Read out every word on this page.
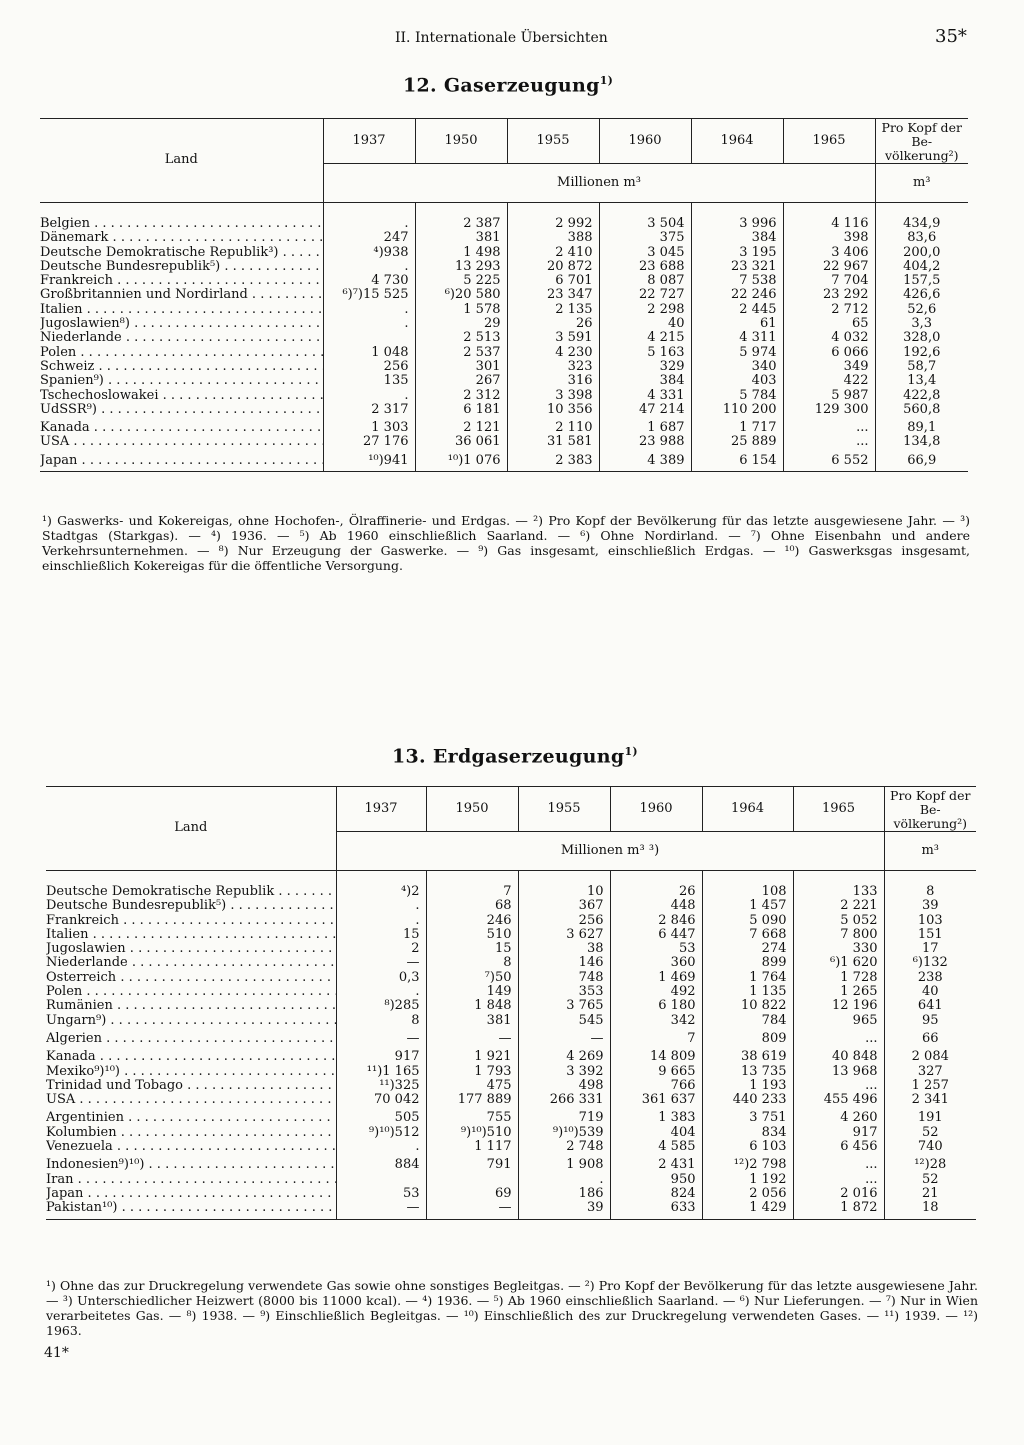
II. Internationale Übersichten	35*
12. Gaserzeugung$^{1)}$
Land	1937	1950	1955	1960	1964	1965	Pro Kopf der Be- völkerung²)
	Millionen m³						m³

Belgien . . .	.	2 387	2 992	3 504	3 996	4 116	434,9
Dänemark . . .	247	381	388	375	384	398	83,6
Deutsche Demokratische Republik³) . . .	⁴)938	1 498	2 410	3 045	3 195	3 406	200,0
Deutsche Bundesrepublik⁵) . . .	.	13 293	20 872	23 688	23 321	22 967	404,2
Frankreich . . .	4 730	5 225	6 701	8 087	7 538	7 704	157,5
Großbritannien und Nordirland . . .	⁶)⁷)15 525	⁶)20 580	23 347	22 727	22 246	23 292	426,6
Italien . . .	.	1 578	2 135	2 298	2 445	2 712	52,6
Jugoslawien⁸) . . .	.	29	26	40	61	65	3,3
Niederlande . . .		2 513	3 591	4 215	4 311	4 032	328,0
Polen . . .	1 048	2 537	4 230	5 163	5 974	6 066	192,6
Schweiz . . .	256	301	323	329	340	349	58,7
Spanien⁹) . . .	135	267	316	384	403	422	13,4
Tschechoslowakei . . .	.	2 312	3 398	4 331	5 784	5 987	422,8
UdSSR⁹) . . .	2 317	6 181	10 356	47 214	110 200	129 300	560,8

Kanada . . .	1 303	2 121	2 110	1 687	1 717	...	89,1
USA . . .	27 176	36 061	31 581	23 988	25 889	...	134,8

Japan . . .	¹⁰)941	¹⁰)1 076	2 383	4 389	6 154	6 552	66,9

¹) Gaswerks- und Kokereigas, ohne Hochofen-, Ölraffinerie- und Erdgas. — ²) Pro Kopf der Bevölkerung für das letzte ausgewiesene Jahr. — ³) Stadtgas (Starkgas). — ⁴) 1936. — ⁵) Ab 1960 einschließlich Saarland. — ⁶) Ohne Nordirland. — ⁷) Ohne Eisenbahn und andere Verkehrsunternehmen. — ⁸) Nur Erzeugung der Gaswerke. — ⁹) Gas insgesamt, einschließlich Erdgas. — ¹⁰) Gaswerksgas insgesamt, einschließlich Kokereigas für die öffentliche Versorgung.
13. Erdgaserzeugung$^{1)}$
Land	1937	1950	1955	1960	1964	1965	Pro Kopf der Be- völkerung²)
	Millionen m³ ³)						m³

Deutsche Demokratische Republik . . .	⁴)2	7	10	26	108	133	8
Deutsche Bundesrepublik⁵) . . .	.	68	367	448	1 457	2 221	39
Frankreich . . .	.	246	256	2 846	5 090	5 052	103
Italien . . .	15	510	3 627	6 447	7 668	7 800	151
Jugoslawien . . .	2	15	38	53	274	330	17
Niederlande . . .	—	8	146	360	899	⁶)1 620	⁶)132
Österreich . . .	0,3	⁷)50	748	1 469	1 764	1 728	238
Polen . . .	.	149	353	492	1 135	1 265	40
Rumänien . . .	⁸)285	1 848	3 765	6 180	10 822	12 196	641
Ungarn⁹) . . .	8	381	545	342	784	965	95

Algerien . . .	—	—	—	7	809	...	66

Kanada . . .	917	1 921	4 269	14 809	38 619	40 848	2 084
Mexiko⁹)¹⁰) . . .	¹¹)1 165	1 793	3 392	9 665	13 735	13 968	327
Trinidad und Tobago . . .	¹¹)325	475	498	766	1 193	...	1 257
USA . . .	70 042	177 889	266 331	361 637	440 233	455 496	2 341

Argentinien . . .	505	755	719	1 383	3 751	4 260	191
Kolumbien . . .	⁹)¹⁰)512	⁹)¹⁰)510	⁹)¹⁰)539	404	834	917	52
Venezuela . . .	.	1 117	2 748	4 585	6 103	6 456	740

Indonesien⁹)¹⁰) . . .	884	791	1 908	2 431	¹²)2 798	...	¹²)28
Iran . . .			.	950	1 192	...	52
Japan . . .	53	69	186	824	2 056	2 016	21
Pakistan¹⁰) . . .	—	—	39	633	1 429	1 872	18

¹) Ohne das zur Druckregelung verwendete Gas sowie ohne sonstiges Begleitgas. — ²) Pro Kopf der Bevölkerung für das letzte ausgewiesene Jahr. — ³) Unterschiedlicher Heizwert (8000 bis 11000 kcal). — ⁴) 1936. — ⁵) Ab 1960 einschließlich Saarland. — ⁶) Nur Lieferungen. — ⁷) Nur in Wien verarbeitetes Gas. — ⁸) 1938. — ⁹) Einschließlich Begleitgas. — ¹⁰) Einschließlich des zur Druckregelung verwendeten Gases. — ¹¹) 1939. — ¹²) 1963.
41*
